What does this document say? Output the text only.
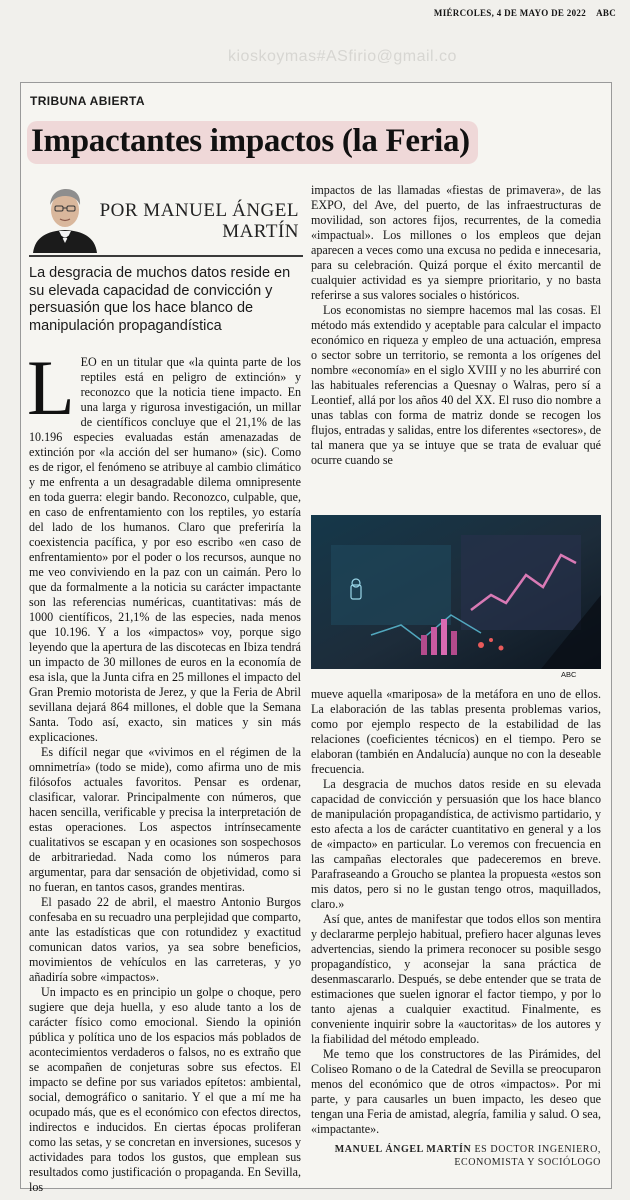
MIÉRCOLES, 4 DE MAYO DE 2022 ABC
kioskoymas#ASfirio@gmail.co
TRIBUNA ABIERTA
Impactantes impactos (la Feria)
POR MANUEL ÁNGEL
MARTÍN
La desgracia de muchos datos reside en su elevada capacidad de convicción y persuasión que los hace blanco de manipulación propagandística

LEO en un titular que «la quinta parte de los reptiles está en peligro de extinción» y reconozco que la noticia tiene impacto. En una larga y rigurosa investigación, un millar de científicos concluye que el 21,1% de las 10.196 especies evaluadas están amenazadas de extinción por «la acción del ser humano» (sic). Como es de rigor, el fenómeno se atribuye al cambio climático y me enfrenta a un desagradable dilema omnipresente en toda guerra: elegir bando. Reconozco, culpable, que, en caso de enfrentamiento con los reptiles, yo estaría del lado de los humanos. Claro que preferiría la coexistencia pacífica, y por eso escribo «en caso de enfrentamiento» por el poder o los recursos, aunque no me veo conviviendo en la paz con un caimán. Pero lo que da formalmente a la noticia su carácter impactante son las referencias numéricas, cuantitativas: más de 1000 científicos, 21,1% de las especies, nada menos que 10.196. Y a los «impactos» voy, porque sigo leyendo que la apertura de las discotecas en Ibiza tendrá un impacto de 30 millones de euros en la economía de esa isla, que la Junta cifra en 25 millones el impacto del Gran Premio motorista de Jerez, y que la Feria de Abril sevillana dejará 864 millones, el doble que la Semana Santa. Todo así, exacto, sin matices y sin más explicaciones.

Es difícil negar que «vivimos en el régimen de la omnimetría» (todo se mide), como afirma uno de mis filósofos actuales favoritos. Pensar es ordenar, clasificar, valorar. Principalmente con números, que hacen sencilla, verificable y precisa la interpretación de estas operaciones. Los aspectos intrínsecamente cualitativos se escapan y en ocasiones son sospechosos de arbitrariedad. Nada como los números para argumentar, para dar sensación de objetividad, como si no fueran, en tantos casos, grandes mentiras.

El pasado 22 de abril, el maestro Antonio Burgos confesaba en su recuadro una perplejidad que comparto, ante las estadísticas que con rotundidez y exactitud comunican datos varios, ya sea sobre beneficios, movimientos de vehículos en las carreteras, y yo añadiría sobre «impactos».

Un impacto es en principio un golpe o choque, pero sugiere que deja huella, y eso alude tanto a los de carácter físico como emocional. Siendo la opinión pública y política uno de los espacios más poblados de acontecimientos verdaderos o falsos, no es extraño que se acompañen de conjeturas sobre sus efectos. El impacto se define por sus variados epítetos: ambiental, social, demográfico o sanitario. Y el que a mí me ha ocupado más, que es el económico con efectos directos, indirectos e inducidos. En ciertas épocas proliferan como las setas, y se concretan en inversiones, sucesos y actividades para todos los gustos, que emplean sus resultados como justificación o propaganda. En Sevilla, los

impactos de las llamadas «fiestas de primavera», de las EXPO, del Ave, del puerto, de las infraestructuras de movilidad, son actores fijos, recurrentes, de la comedia «impactual». Los millones o los empleos que dejan aparecen a veces como una excusa no pedida e innecesaria, para su celebración. Quizá porque el éxito mercantil de cualquier actividad es ya siempre prioritario, y no basta referirse a sus valores sociales o históricos.

Los economistas no siempre hacemos mal las cosas. El método más extendido y aceptable para calcular el impacto económico en riqueza y empleo de una actuación, empresa o sector sobre un territorio, se remonta a los orígenes del nombre «economía» en el siglo XVIII y no les aburriré con las habituales referencias a Quesnay o Walras, pero sí a Leontief, allá por los años 40 del XX. El ruso dio nombre a unas tablas con forma de matriz donde se recogen los flujos, entradas y salidas, entre los diferentes «sectores», de tal manera que ya se intuye que se trata de evaluar qué ocurre cuando se

ABC

mueve aquella «mariposa» de la metáfora en uno de ellos. La elaboración de las tablas presenta problemas varios, como por ejemplo respecto de la estabilidad de las relaciones (coeficientes técnicos) en el tiempo. Pero se elaboran (también en Andalucía) aunque no con la deseable frecuencia.

La desgracia de muchos datos reside en su elevada capacidad de convicción y persuasión que los hace blanco de manipulación propagandística, de activismo partidario, y esto afecta a los de carácter cuantitativo en general y a los de «impacto» en particular. Lo veremos con frecuencia en las campañas electorales que padeceremos en breve. Parafraseando a Groucho se plantea la propuesta «estos son mis datos, pero si no le gustan tengo otros, maquillados, claro.»

Así que, antes de manifestar que todos ellos son mentira y declararme perplejo habitual, prefiero hacer algunas leves advertencias, siendo la primera reconocer su posible sesgo propagandístico, y aconsejar la sana práctica de desenmascararlo. Después, se debe entender que se trata de estimaciones que suelen ignorar el factor tiempo, y por lo tanto ajenas a cualquier exactitud. Finalmente, es conveniente inquirir sobre la «auctoritas» de los autores y la fiabilidad del método empleado.

Me temo que los constructores de las Pirámides, del Coliseo Romano o de la Catedral de Sevilla se preocuparon menos del económico que de otros «impactos». Por mi parte, y para causarles un buen impacto, les deseo que tengan una Feria de amistad, alegría, familia y salud. O sea, «impactante».

MANUEL ÁNGEL MARTÍN ES DOCTOR INGENIERO, ECONOMISTA Y SOCIÓLOGO
